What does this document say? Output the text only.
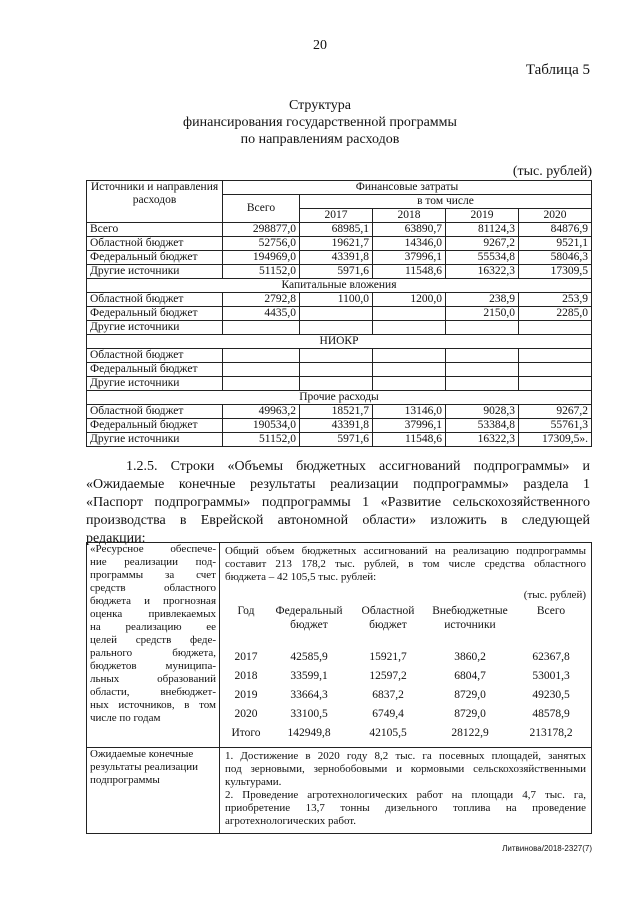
20
Таблица 5
Структура
финансирования государственной программы
по направлениям расходов
(тыс. рублей)
Источники и направления расходов	Финансовые затраты				
	Всего	в том числе			
		2017	2018	2019	2020
Всего	298877,0	68985,1	63890,7	81124,3	84876,9
Областной бюджет	52756,0	19621,7	14346,0	9267,2	9521,1
Федеральный бюджет	194969,0	43391,8	37996,1	55534,8	58046,3
Другие источники	51152,0	5971,6	11548,6	16322,3	17309,5
Капитальные вложения					
Областной бюджет	2792,8	1100,0	1200,0	238,9	253,9
Федеральный бюджет	4435,0			2150,0	2285,0
Другие источники					
НИОКР					
Областной бюджет					
Федеральный бюджет					
Другие источники					
Прочие расходы					
Областной бюджет	49963,2	18521,7	13146,0	9028,3	9267,2
Федеральный бюджет	190534,0	43391,8	37996,1	53384,8	55761,3
Другие источники	51152,0	5971,6	11548,6	16322,3	17309,5».
1.2.5. Строки «Объемы бюджетных ассигнований подпрограммы» и
«Ожидаемые конечные результаты реализации подпрограммы» раздела 1
«Паспорт подпрограммы» подпрограммы 1 «Развитие сельскохозяйственного
производства в Еврейской автономной области» изложить в следующей
редакции:
«Ресурсное обеспече-
ние реализации под-
программы за счет
средств областного
бюджета и прогнозная
оценка привлекаемых
на реализацию ее
целей средств феде-
рального бюджета,
бюджетов муниципа-
льных образований
области, внебюджет-
ных источников, в том
числе по годам

Общий объем бюджетных ассигнований на реализацию подпрограммы
составит 213 178,2 тыс. рублей, в том числе средства областного
бюджета – 42 105,5 тыс. рублей:
(тыс. рублей)
Год	Федеральный бюджет	Областной бюджет	Внебюджетные источники	Всего

2017	42585,9	15921,7	3860,2	62367,8
2018	33599,1	12597,2	6804,7	53001,3
2019	33664,3	6837,2	8729,0	49230,5
2020	33100,5	6749,4	8729,0	48578,9
Итого	142949,8	42105,5	28122,9	213178,2

Ожидаемые конечные
результаты реализации
подпрограммы

1. Достижение в 2020 году 8,2 тыс. га посевных площадей, занятых
под зерновыми, зернобобовыми и кормовыми сельскохозяйственными
культурами.
2. Проведение агротехнологических работ на площади 4,7 тыс. га,
приобретение 13,7 тонны дизельного топлива на проведение
агротехнологических работ.
Литвинова/2018-2327(7)
